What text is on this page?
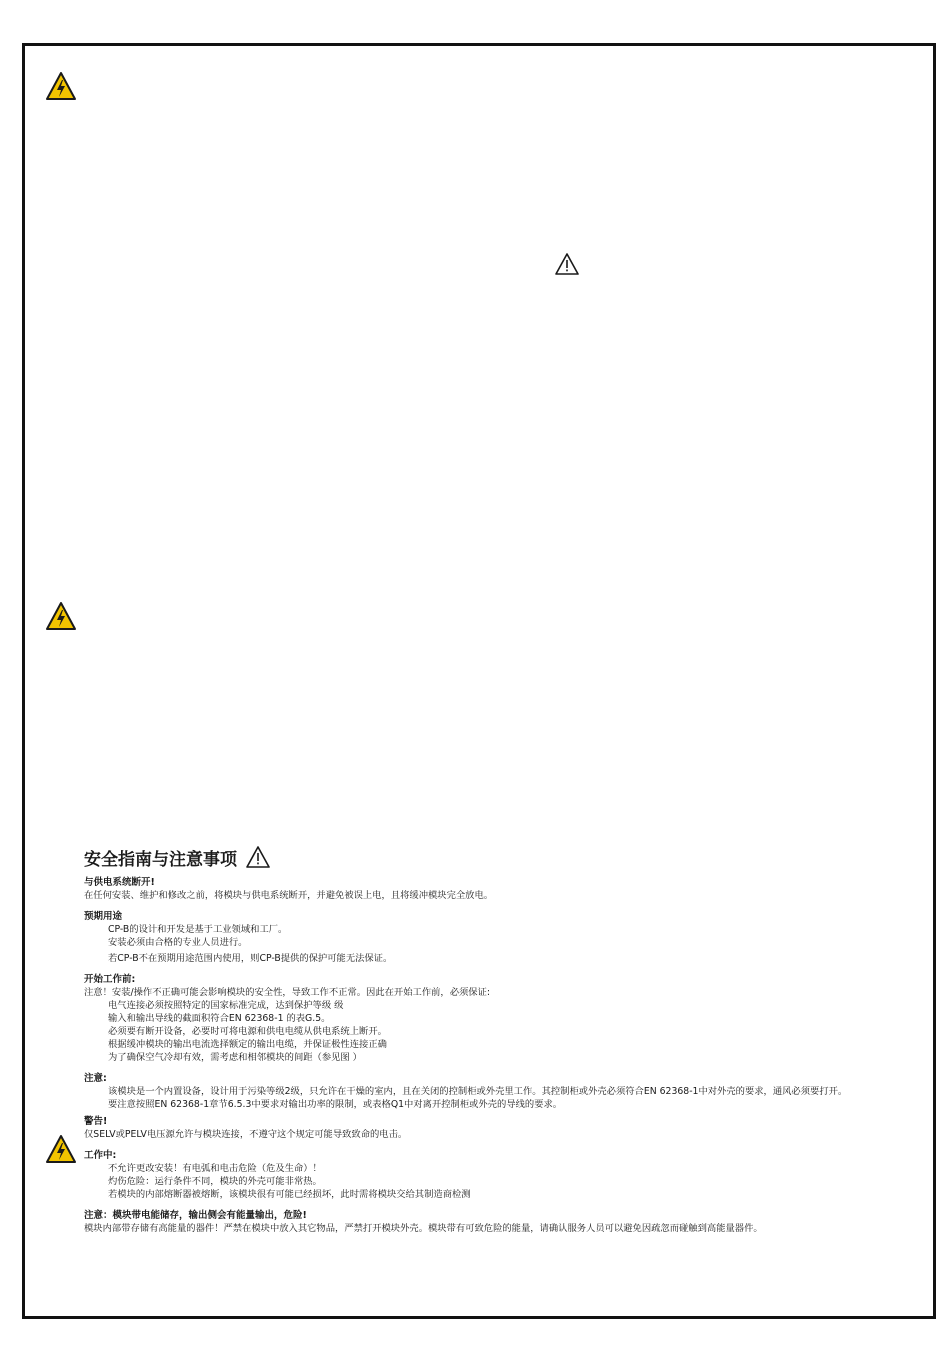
安全指南与注意事项
与供电系统断开!
在任何安装、维护和修改之前，将模块与供电系统断开，并避免被误上电，且将缓冲模块完全放电。
预期用途
CP-B的设计和开发是基于工业领域和工厂。
安装必须由合格的专业人员进行。
若CP-B不在预期用途范围内使用，则CP-B提供的保护可能无法保证。
开始工作前:
注意！安装/操作不正确可能会影响模块的安全性，导致工作不正常。因此在开始工作前，必须保证:
电气连接必须按照特定的国家标准完成，达到保护等级 级
输入和输出导线的截面积符合EN 62368-1 的表G.5。
必须要有断开设备，必要时可将电源和供电电缆从供电系统上断开。
根据缓冲模块的输出电流选择额定的输出电缆，并保证极性连接正确
为了确保空气冷却有效，需考虑和相邻模块的间距（参见图 ）
注意:
该模块是一个内置设备，设计用于污染等级2级，只允许在干燥的室内，且在关闭的控制柜或外壳里工作。其控制柜或外壳必须符合EN 62368-1中对外壳的要求，通风必须要打开。
要注意按照EN 62368-1章节6.5.3中要求对输出功率的限制，或表格Q1中对离开控制柜或外壳的导线的要求。
警告!
仅SELV或PELV电压源允许与模块连接，不遵守这个规定可能导致致命的电击。
工作中:
不允许更改安装！有电弧和电击危险（危及生命）！
灼伤危险：运行条件不同，模块的外壳可能非常热。
若模块的内部熔断器被熔断，该模块很有可能已经损坏，此时需将模块交给其制造商检测
注意：模块带电能储存，输出侧会有能量输出，危险!
模块内部带存储有高能量的器件！严禁在模块中放入其它物品，严禁打开模块外壳。模块带有可致危险的能量，请确认服务人员可以避免因疏忽而碰触到高能量器件。
